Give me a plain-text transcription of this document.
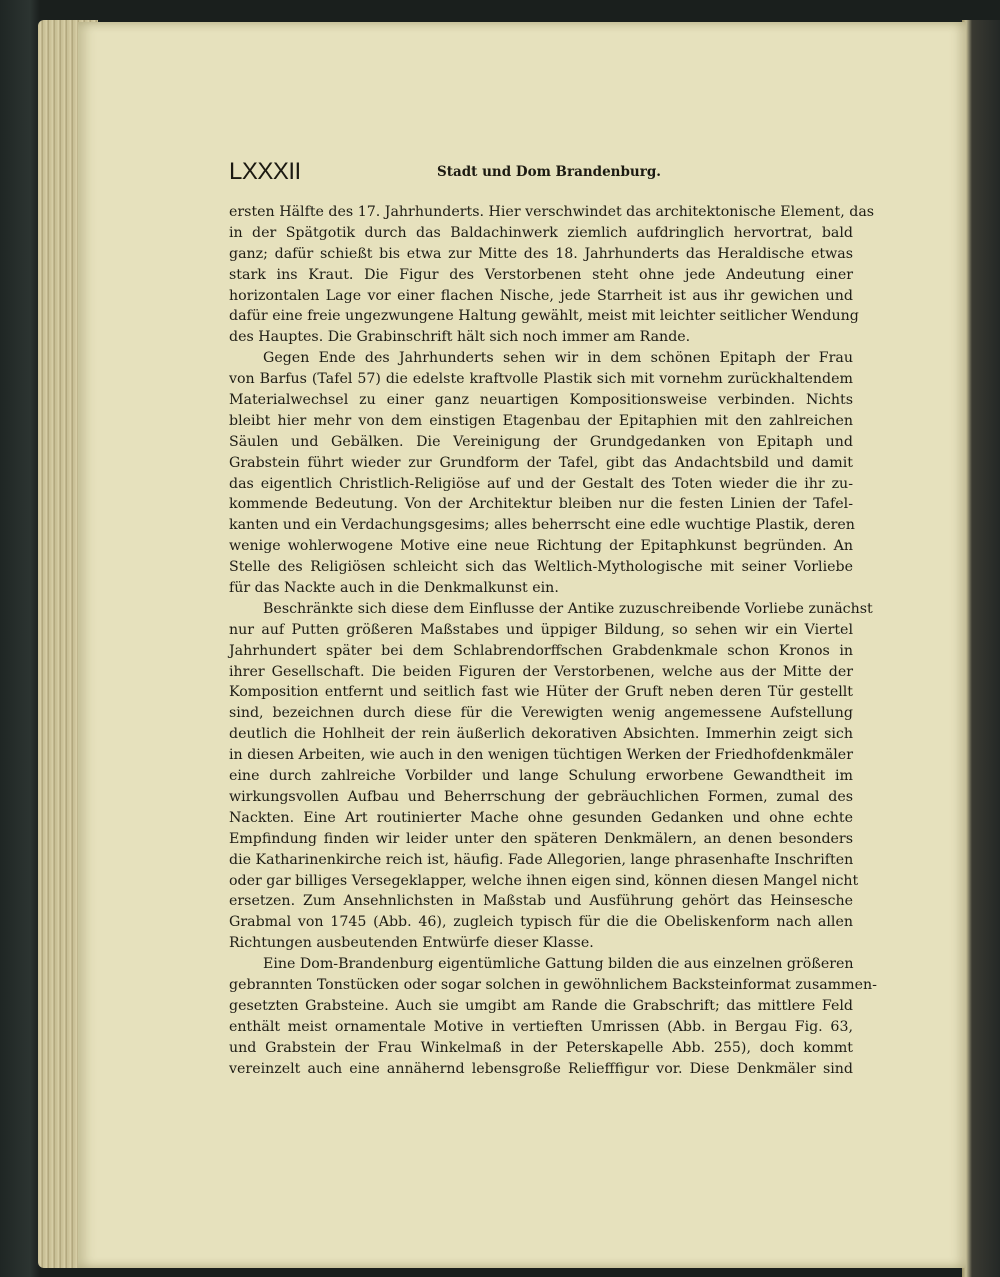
LXXXII	Stadt und Dom Brandenburg.
ersten Hälfte des 17. Jahrhunderts. Hier verschwindet das architektonische Element, das
in der Spätgotik durch das Baldachinwerk ziemlich aufdringlich hervortrat, bald
ganz; dafür schießt bis etwa zur Mitte des 18. Jahrhunderts das Heraldische etwas
stark ins Kraut. Die Figur des Verstorbenen steht ohne jede Andeutung einer
horizontalen Lage vor einer flachen Nische, jede Starrheit ist aus ihr gewichen und
dafür eine freie ungezwungene Haltung gewählt, meist mit leichter seitlicher Wendung
des Hauptes. Die Grabinschrift hält sich noch immer am Rande.
Gegen Ende des Jahrhunderts sehen wir in dem schönen Epitaph der Frau
von Barfus (Tafel 57) die edelste kraftvolle Plastik sich mit vornehm zurückhaltendem
Materialwechsel zu einer ganz neuartigen Kompositionsweise verbinden. Nichts
bleibt hier mehr von dem einstigen Etagenbau der Epitaphien mit den zahlreichen
Säulen und Gebälken. Die Vereinigung der Grundgedanken von Epitaph und
Grabstein führt wieder zur Grundform der Tafel, gibt das Andachtsbild und damit
das eigentlich Christlich-Religiöse auf und der Gestalt des Toten wieder die ihr zu-
kommende Bedeutung. Von der Architektur bleiben nur die festen Linien der Tafel-
kanten und ein Verdachungsgesims; alles beherrscht eine edle wuchtige Plastik, deren
wenige wohlerwogene Motive eine neue Richtung der Epitaphkunst begründen. An
Stelle des Religiösen schleicht sich das Weltlich-Mythologische mit seiner Vorliebe
für das Nackte auch in die Denkmalkunst ein.
Beschränkte sich diese dem Einflusse der Antike zuzuschreibende Vorliebe zunächst
nur auf Putten größeren Maßstabes und üppiger Bildung, so sehen wir ein Viertel
Jahrhundert später bei dem Schlabrendorffschen Grabdenkmale schon Kronos in
ihrer Gesellschaft. Die beiden Figuren der Verstorbenen, welche aus der Mitte der
Komposition entfernt und seitlich fast wie Hüter der Gruft neben deren Tür gestellt
sind, bezeichnen durch diese für die Verewigten wenig angemessene Aufstellung
deutlich die Hohlheit der rein äußerlich dekorativen Absichten. Immerhin zeigt sich
in diesen Arbeiten, wie auch in den wenigen tüchtigen Werken der Friedhofdenkmäler
eine durch zahlreiche Vorbilder und lange Schulung erworbene Gewandtheit im
wirkungsvollen Aufbau und Beherrschung der gebräuchlichen Formen, zumal des
Nackten. Eine Art routinierter Mache ohne gesunden Gedanken und ohne echte
Empfindung finden wir leider unter den späteren Denkmälern, an denen besonders
die Katharinenkirche reich ist, häufig. Fade Allegorien, lange phrasenhafte Inschriften
oder gar billiges Versegeklapper, welche ihnen eigen sind, können diesen Mangel nicht
ersetzen. Zum Ansehnlichsten in Maßstab und Ausführung gehört das Heinsesche
Grabmal von 1745 (Abb. 46), zugleich typisch für die die Obeliskenform nach allen
Richtungen ausbeutenden Entwürfe dieser Klasse.
Eine Dom-Brandenburg eigentümliche Gattung bilden die aus einzelnen größeren
gebrannten Tonstücken oder sogar solchen in gewöhnlichem Backsteinformat zusammen-
gesetzten Grabsteine. Auch sie umgibt am Rande die Grabschrift; das mittlere Feld
enthält meist ornamentale Motive in vertieften Umrissen (Abb. in Bergau Fig. 63,
und Grabstein der Frau Winkelmaß in der Peterskapelle Abb. 255), doch kommt
vereinzelt auch eine annähernd lebensgroße Reliefffigur vor. Diese Denkmäler sind
